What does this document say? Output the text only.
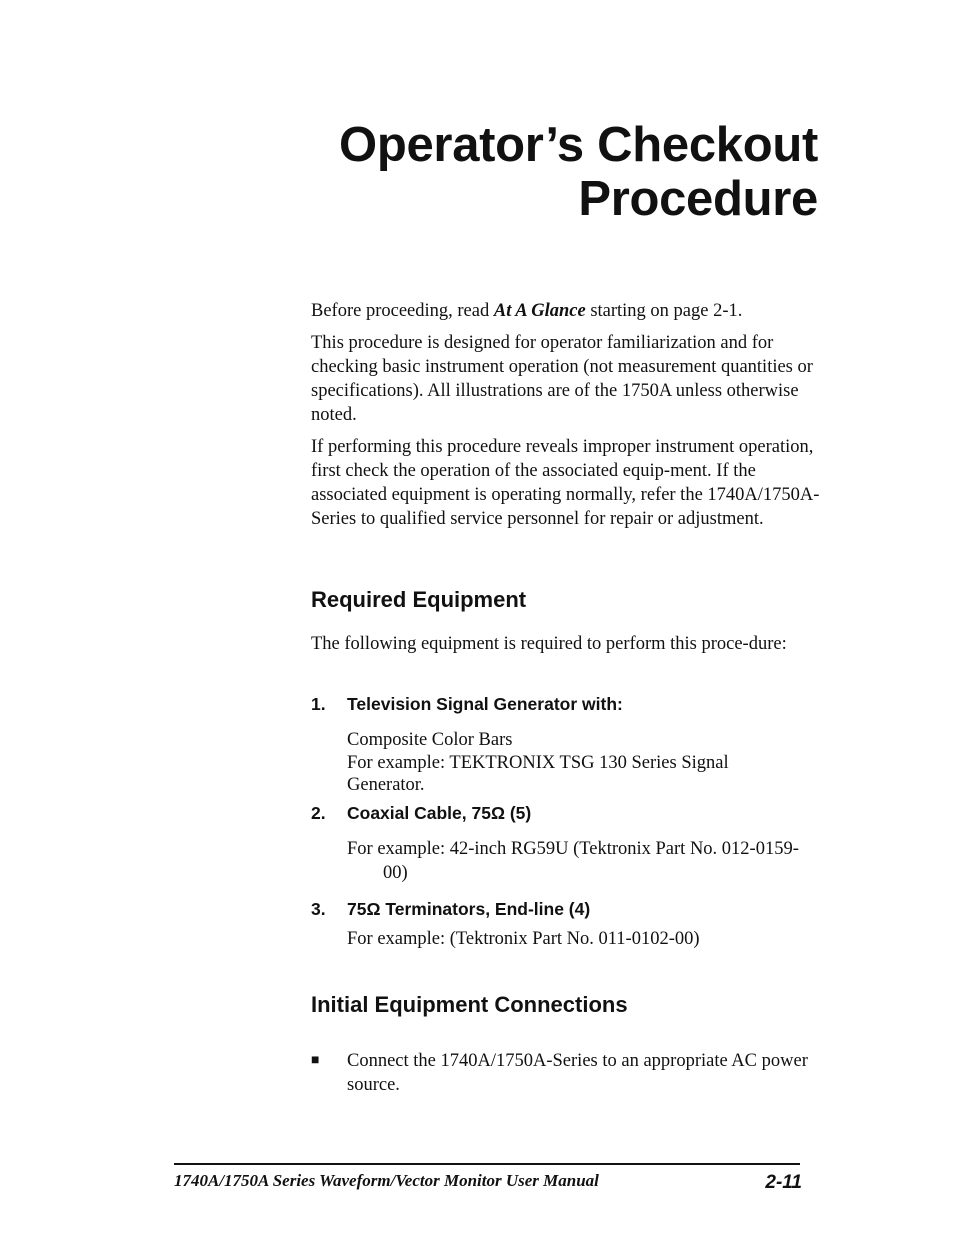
Operator’s Checkout
Procedure

Before proceeding, read At A Glance starting on page 2-1.

This procedure is designed for operator familiarization and for checking basic instrument operation (not measurement quantities or specifications). All illustrations are of the 1750A unless otherwise noted.

If performing this procedure reveals improper instrument operation, first check the operation of the associated equip-ment. If the associated equipment is operating normally, refer the 1740A/1750A-Series to qualified service personnel for repair or adjustment.

Required Equipment
The following equipment is required to perform this proce-dure:
1. Television Signal Generator with:
Composite Color Bars
For example: TEKTRONIX TSG 130 Series Signal Generator.
2. Coaxial Cable, 75Ω (5)
For example: 42-inch RG59U (Tektronix Part No. 012-0159-00)
3. 75Ω Terminators, End-line (4)
For example: (Tektronix Part No. 011-0102-00)
Initial Equipment Connections
■ Connect the 1740A/1750A-Series to an appropriate AC power source.
1740A/1750A Series Waveform/Vector Monitor User Manual	2-11
